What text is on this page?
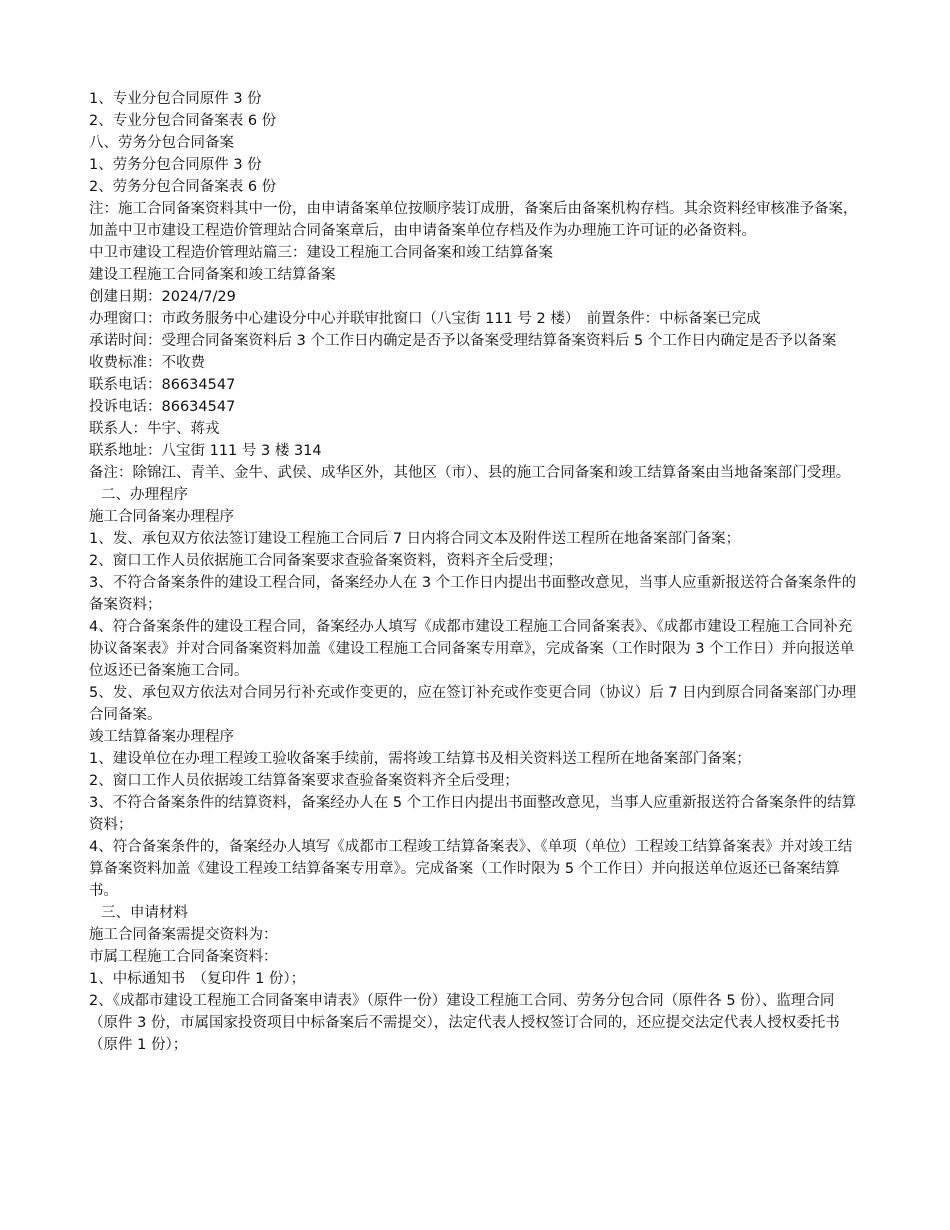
1、专业分包合同原件 3 份

2、专业分包合同备案表 6 份

八、劳务分包合同备案

1、劳务分包合同原件 3 份

2、劳务分包合同备案表 6 份

注：施工合同备案资料其中一份，由申请备案单位按顺序装订成册，备案后由备案机构存档。其余资料经审核准予备案，加盖中卫市建设工程造价管理站合同备案章后，由申请备案单位存档及作为办理施工许可证的必备资料。

中卫市建设工程造价管理站篇三：建设工程施工合同备案和竣工结算备案

建设工程施工合同备案和竣工结算备案

创建日期：2024/7/29

办理窗口：市政务服务中心建设分中心并联审批窗口（八宝街 111 号 2 楼）　前置条件：中标备案已完成

承诺时间：受理合同备案资料后 3 个工作日内确定是否予以备案受理结算备案资料后 5 个工作日内确定是否予以备案

收费标准：不收费

联系电话：86634547

投诉电话：86634547

联系人：牛宇、蒋戎

联系地址：八宝街 111 号 3 楼 314

备注：除锦江、青羊、金牛、武侯、成华区外，其他区（市）、县的施工合同备案和竣工结算备案由当地备案部门受理。

二、办理程序

施工合同备案办理程序

1、发、承包双方依法签订建设工程施工合同后 7 日内将合同文本及附件送工程所在地备案部门备案；

2、窗口工作人员依据施工合同备案要求查验备案资料，资料齐全后受理；

3、不符合备案条件的建设工程合同，备案经办人在 3 个工作日内提出书面整改意见，当事人应重新报送符合备案条件的备案资料；

4、符合备案条件的建设工程合同，备案经办人填写《成都市建设工程施工合同备案表》、《成都市建设工程施工合同补充协议备案表》并对合同备案资料加盖《建设工程施工合同备案专用章》，完成备案（工作时限为 3 个工作日）并向报送单位返还已备案施工合同。

5、发、承包双方依法对合同另行补充或作变更的，应在签订补充或作变更合同（协议）后 7 日内到原合同备案部门办理合同备案。

竣工结算备案办理程序

1、建设单位在办理工程竣工验收备案手续前，需将竣工结算书及相关资料送工程所在地备案部门备案；

2、窗口工作人员依据竣工结算备案要求查验备案资料齐全后受理；

3、不符合备案条件的结算资料，备案经办人在 5 个工作日内提出书面整改意见，当事人应重新报送符合备案条件的结算资料；

4、符合备案条件的，备案经办人填写《成都市工程竣工结算备案表》、《单项（单位）工程竣工结算备案表》并对竣工结算备案资料加盖《建设工程竣工结算备案专用章》。完成备案（工作时限为 5 个工作日）并向报送单位返还已备案结算书。

三、申请材料

施工合同备案需提交资料为：

市属工程施工合同备案资料：

1、中标通知书　（复印件 1 份）；

2、《成都市建设工程施工合同备案申请表》（原件一份）建设工程施工合同、劳务分包合同（原件各 5 份）、监理合同（原件 3 份，市属国家投资项目中标备案后不需提交），法定代表人授权签订合同的，还应提交法定代表人授权委托书（原件 1 份）；
